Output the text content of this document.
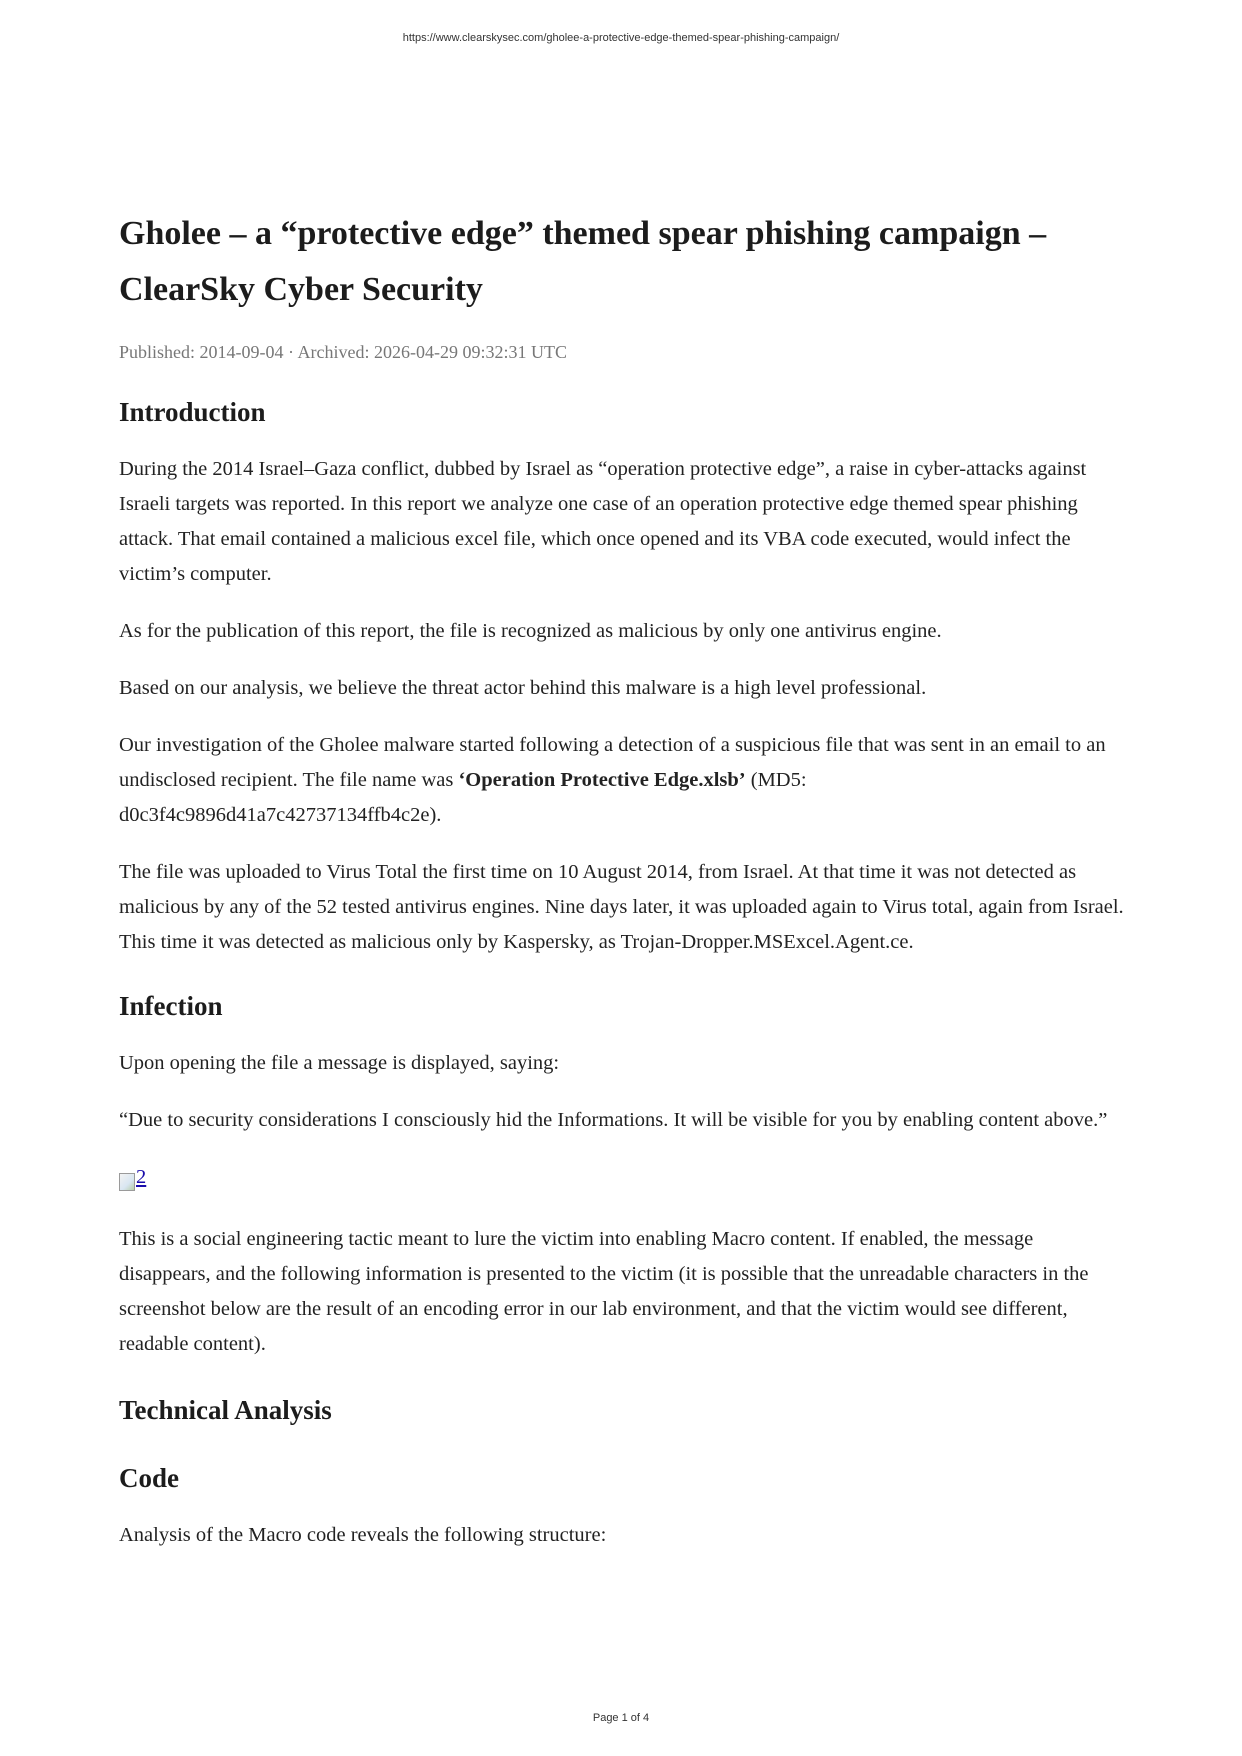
https://www.clearskysec.com/gholee-a-protective-edge-themed-spear-phishing-campaign/
Gholee – a “protective edge” themed spear phishing campaign – ClearSky Cyber Security
Published: 2014-09-04 · Archived: 2026-04-29 09:32:31 UTC
Introduction

During the 2014 Israel–Gaza conflict, dubbed by Israel as “operation protective edge”, a raise in cyber-attacks against Israeli targets was reported. In this report we analyze one case of an operation protective edge themed spear phishing attack. That email contained a malicious excel file, which once opened and its VBA code executed, would infect the victim’s computer.

As for the publication of this report, the file is recognized as malicious by only one antivirus engine.

Based on our analysis, we believe the threat actor behind this malware is a high level professional.

Our investigation of the Gholee malware started following a detection of a suspicious file that was sent in an email to an undisclosed recipient. The file name was ‘Operation Protective Edge.xlsb’ (MD5: d0c3f4c9896d41a7c42737134ffb4c2e).

The file was uploaded to Virus Total the first time on 10 August 2014, from Israel. At that time it was not detected as malicious by any of the 52 tested antivirus engines. Nine days later, it was uploaded again to Virus total, again from Israel. This time it was detected as malicious only by Kaspersky, as Trojan-Dropper.MSExcel.Agent.ce.

Infection

Upon opening the file a message is displayed, saying:

“Due to security considerations I consciously hid the Informations. It will be visible for you by enabling content above.”

2

This is a social engineering tactic meant to lure the victim into enabling Macro content. If enabled, the message disappears, and the following information is presented to the victim (it is possible that the unreadable characters in the screenshot below are the result of an encoding error in our lab environment, and that the victim would see different, readable content).

Technical Analysis
Code

Analysis of the Macro code reveals the following structure:

Page 1 of 4
